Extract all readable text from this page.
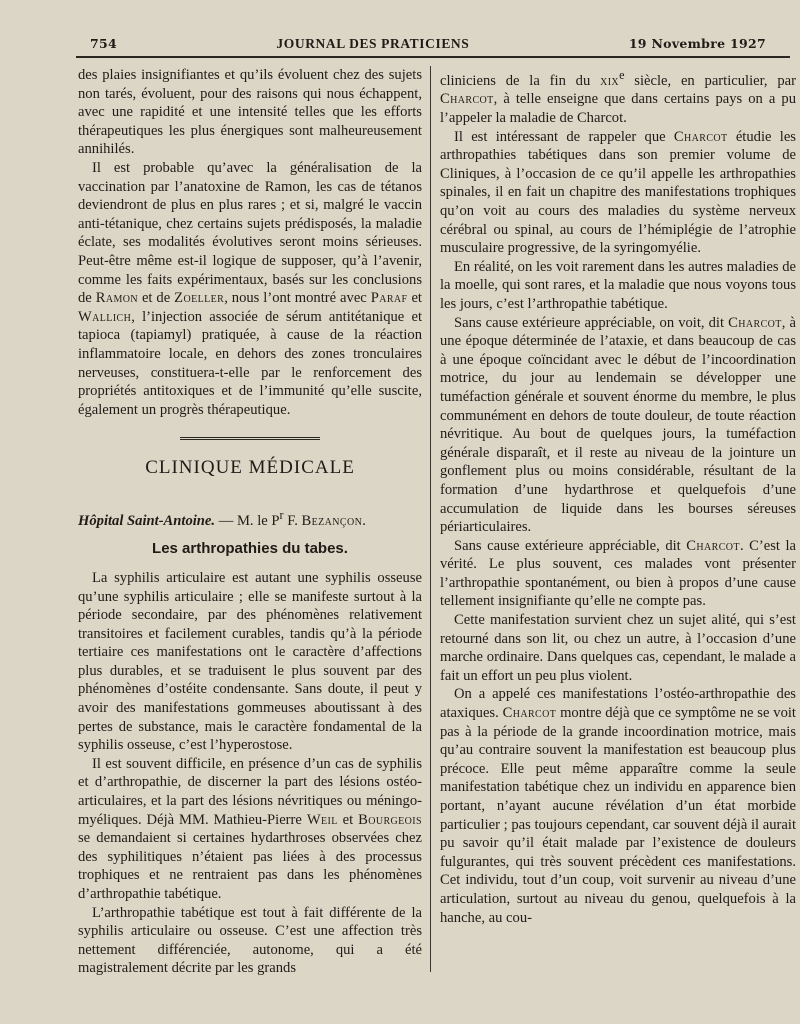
754	JOURNAL DES PRATICIENS	19 Novembre 1927

des plaies insignifiantes et qu’ils évoluent chez des sujets non tarés, évoluent, pour des raisons qui nous échappent, avec une rapidité et une intensité telles que les efforts thérapeutiques les plus énergiques sont malheureusement annihilés.

Il est probable qu’avec la généralisation de la vaccination par l’anatoxine de Ramon, les cas de tétanos deviendront de plus en plus rares ; et si, malgré le vaccin anti-tétanique, chez certains sujets prédisposés, la maladie éclate, ses modalités évolutives seront moins sérieuses. Peut-être même est-il logique de supposer, qu’à l’avenir, comme les faits expérimentaux, basés sur les conclusions de Ramon et de Zoeller, nous l’ont montré avec Paraf et Wallich, l’injection associée de sérum antitétanique et tapioca (tapiamyl) pratiquée, à cause de la réaction inflammatoire locale, en dehors des zones tronculaires nerveuses, constituera-t-elle par le renforcement des propriétés antitoxiques et de l’immunité qu’elle suscite, également un progrès thérapeutique.

CLINIQUE MÉDICALE
Hôpital Saint-Antoine. — M. le $P^r$ F. Bezançon.
Les arthropathies du tabes.

La syphilis articulaire est autant une syphilis osseuse qu’une syphilis articulaire ; elle se manifeste surtout à la période secondaire, par des phénomènes relativement transitoires et facilement curables, tandis qu’à la période tertiaire ces manifestations ont le caractère d’affections plus durables, et se traduisent le plus souvent par des phénomènes d’ostéite condensante. Sans doute, il peut y avoir des manifestations gommeuses aboutissant à des pertes de substance, mais le caractère fondamental de la syphilis osseuse, c’est l’hyperostose.

Il est souvent difficile, en présence d’un cas de syphilis et d’arthropathie, de discerner la part des lésions ostéo-articulaires, et la part des lésions névritiques ou méningo-myéliques. Déjà MM. Mathieu-Pierre Weil et Bourgeois se demandaient si certaines hydarthroses observées chez des syphilitiques n’étaient pas liées à des processus trophiques et ne rentraient pas dans les phénomènes d’arthropathie tabétique.

L’arthropathie tabétique est tout à fait différente de la syphilis articulaire ou osseuse. C’est une affection très nettement différenciée, autonome, qui a été magistralement décrite par les grands

cliniciens de la fin du xix$^e$ siècle, en particulier, par Charcot, à telle enseigne que dans certains pays on a pu l’appeler la maladie de Charcot.

Il est intéressant de rappeler que Charcot étudie les arthropathies tabétiques dans son premier volume de Cliniques, à l’occasion de ce qu’il appelle les arthropathies spinales, il en fait un chapitre des manifestations trophiques qu’on voit au cours des maladies du système nerveux cérébral ou spinal, au cours de l’hémiplégie de l’atrophie musculaire progressive, de la syringomyélie.

En réalité, on les voit rarement dans les autres maladies de la moelle, qui sont rares, et la maladie que nous voyons tous les jours, c’est l’arthropathie tabétique.

Sans cause extérieure appréciable, on voit, dit Charcot, à une époque déterminée de l’ataxie, et dans beaucoup de cas à une époque coïncidant avec le début de l’incoordination motrice, du jour au lendemain se développer une tuméfaction générale et souvent énorme du membre, le plus communément en dehors de toute douleur, de toute réaction névritique. Au bout de quelques jours, la tuméfaction générale disparaît, et il reste au niveau de la jointure un gonflement plus ou moins considérable, résultant de la formation d’une hydarthrose et quelquefois d’une accumulation de liquide dans les bourses séreuses périarticulaires.

Sans cause extérieure appréciable, dit Charcot. C’est la vérité. Le plus souvent, ces malades vont présenter l’arthropathie spontanément, ou bien à propos d’une cause tellement insignifiante qu’elle ne compte pas.

Cette manifestation survient chez un sujet alité, qui s’est retourné dans son lit, ou chez un autre, à l’occasion d’une marche ordinaire. Dans quelques cas, cependant, le malade a fait un effort un peu plus violent.

On a appelé ces manifestations l’ostéo-arthropathie des ataxiques. Charcot montre déjà que ce symptôme ne se voit pas à la période de la grande incoordination motrice, mais qu’au contraire souvent la manifestation est beaucoup plus précoce. Elle peut même apparaître comme la seule manifestation tabétique chez un individu en apparence bien portant, n’ayant aucune révélation d’un état morbide particulier ; pas toujours cependant, car souvent déjà il aurait pu savoir qu’il était malade par l’existence de douleurs fulgurantes, qui très souvent précèdent ces manifestations. Cet individu, tout d’un coup, voit survenir au niveau d’une articulation, surtout au niveau du genou, quelquefois à la hanche, au cou-
